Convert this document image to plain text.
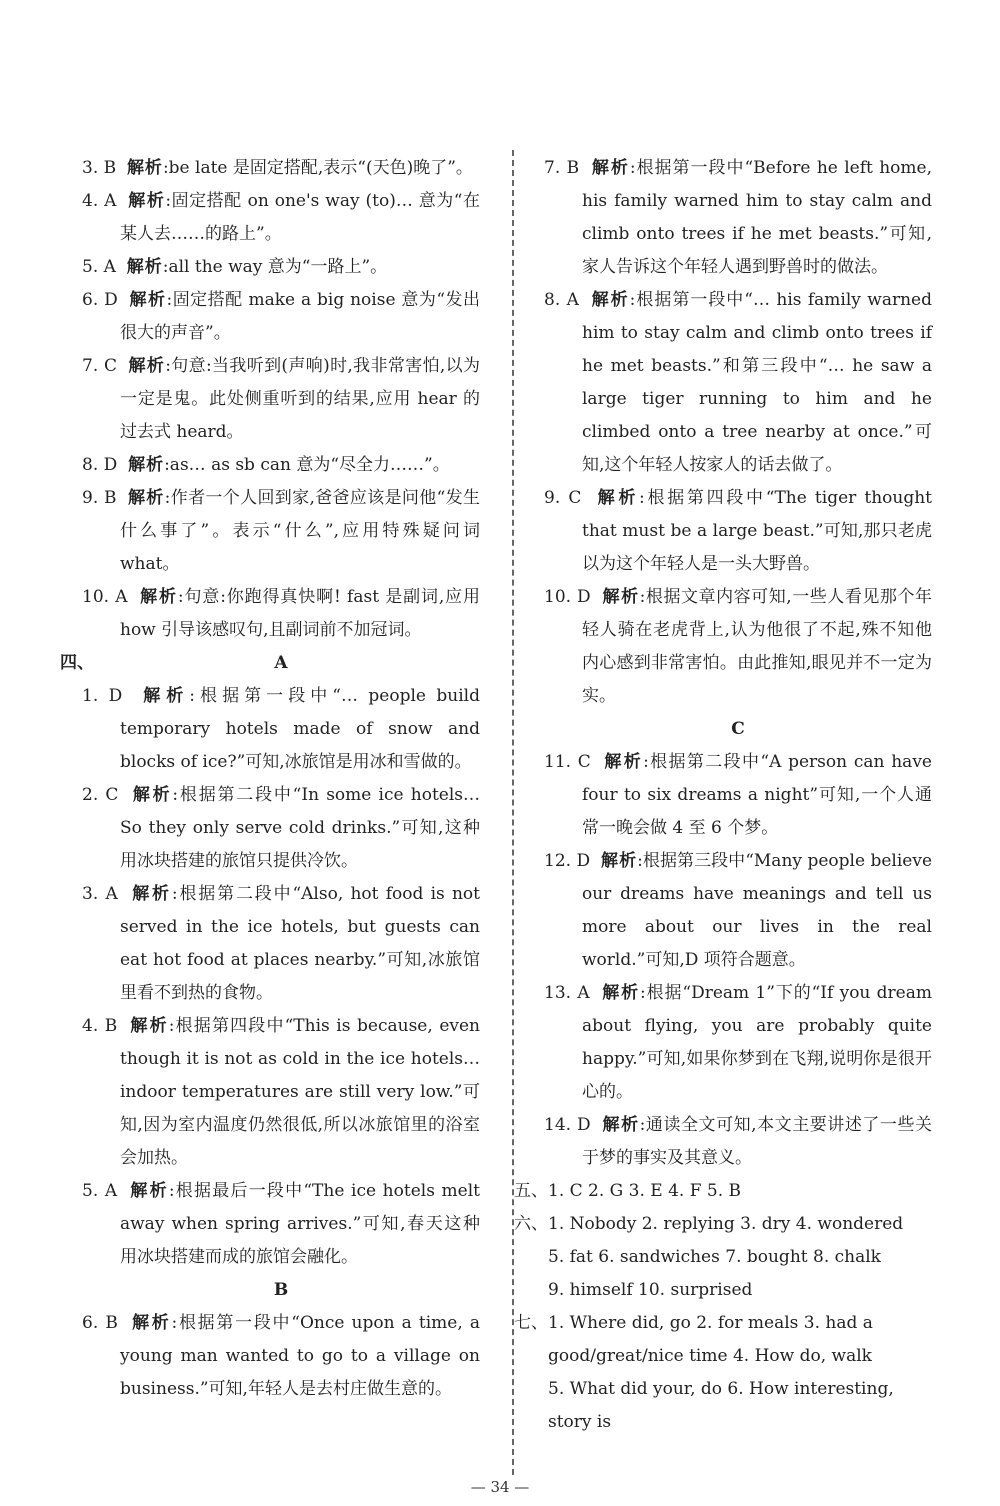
3. B 解析:be late 是固定搭配,表示“(天色)晚了”。

4. A 解析:固定搭配 on one's way (to)… 意为“在某人去……的路上”。

5. A 解析:all the way 意为“一路上”。

6. D 解析:固定搭配 make a big noise 意为“发出很大的声音”。

7. C 解析:句意:当我听到(声响)时,我非常害怕,以为一定是鬼。此处侧重听到的结果,应用 hear 的过去式 heard。

8. D 解析:as… as sb can 意为“尽全力……”。

9. B 解析:作者一个人回到家,爸爸应该是问他“发生什么事了”。表示“什么”,应用特殊疑问词 what。

10. A 解析:句意:你跑得真快啊! fast 是副词,应用 how 引导该感叹句,且副词前不加冠词。

四、	A

1. D 解析:根据第一段中“… people build temporary hotels made of snow and blocks of ice?”可知,冰旅馆是用冰和雪做的。

2. C 解析:根据第二段中“In some ice hotels… So they only serve cold drinks.”可知,这种用冰块搭建的旅馆只提供冷饮。

3. A 解析:根据第二段中“Also, hot food is not served in the ice hotels, but guests can eat hot food at places nearby.”可知,冰旅馆里看不到热的食物。

4. B 解析:根据第四段中“This is because, even though it is not as cold in the ice hotels… indoor temperatures are still very low.”可知,因为室内温度仍然很低,所以冰旅馆里的浴室会加热。

5. A 解析:根据最后一段中“The ice hotels melt away when spring arrives.”可知,春天这种用冰块搭建而成的旅馆会融化。

B

6. B 解析:根据第一段中“Once upon a time, a young man wanted to go to a village on business.”可知,年轻人是去村庄做生意的。

7. B 解析:根据第一段中“Before he left home, his family warned him to stay calm and climb onto trees if he met beasts.”可知,家人告诉这个年轻人遇到野兽时的做法。

8. A 解析:根据第一段中“… his family warned him to stay calm and climb onto trees if he met beasts.”和第三段中“… he saw a large tiger running to him and he climbed onto a tree nearby at once.”可知,这个年轻人按家人的话去做了。

9. C 解析:根据第四段中“The tiger thought that must be a large beast.”可知,那只老虎以为这个年轻人是一头大野兽。

10. D 解析:根据文章内容可知,一些人看见那个年轻人骑在老虎背上,认为他很了不起,殊不知他内心感到非常害怕。由此推知,眼见并不一定为实。

C

11. C 解析:根据第二段中“A person can have four to six dreams a night”可知,一个人通常一晚会做 4 至 6 个梦。

12. D 解析:根据第三段中“Many people believe our dreams have meanings and tell us more about our lives in the real world.”可知,D 项符合题意。

13. A 解析:根据“Dream 1”下的“If you dream about flying, you are probably quite happy.”可知,如果你梦到在飞翔,说明你是很开心的。

14. D 解析:通读全文可知,本文主要讲述了一些关于梦的事实及其意义。

五、 1. C 2. G 3. E 4. F 5. B
六、 1. Nobody 2. replying 3. dry 4. wondered
5. fat 6. sandwiches 7. bought 8. chalk
9. himself 10. surprised
七、 1. Where did, go 2. for meals 3. had a
good/great/nice time 4. How do, walk
5. What did your, do 6. How interesting,
story is
— 34 —
